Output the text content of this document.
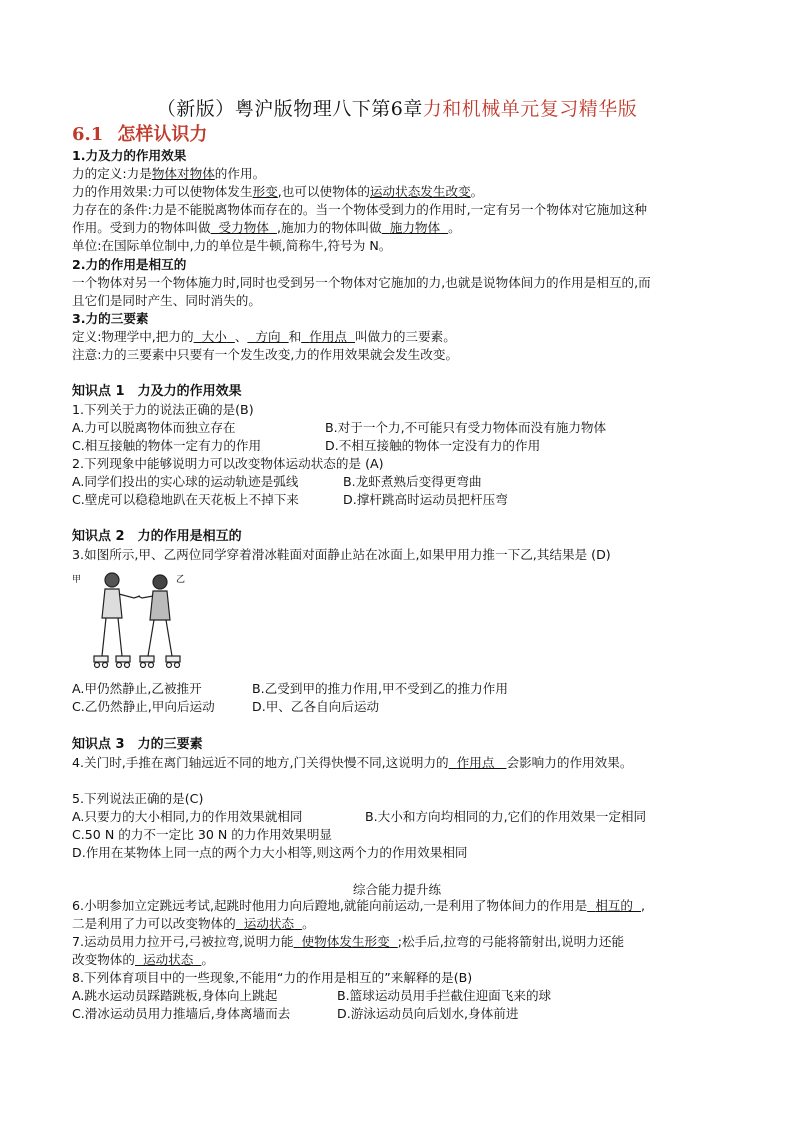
（新版）粤沪版物理八下第6章力和机械单元复习精华版
6.1 怎样认识力
1.力及力的作用效果
力的定义:力是物体对物体的作用。
力的作用效果:力可以使物体发生形变,也可以使物体的运动状态发生改变。
力存在的条件:力是不能脱离物体而存在的。当一个物体受到力的作用时,一定有另一个物体对它施加这种
作用。受到力的物体叫做 受力物体 ,施加力的物体叫做 施力物体 。
单位:在国际单位制中,力的单位是牛顿,简称牛,符号为 N。
2.力的作用是相互的
一个物体对另一个物体施力时,同时也受到另一个物体对它施加的力,也就是说物体间力的作用是相互的,而
且它们是同时产生、同时消失的。
3.力的三要素
定义:物理学中,把力的 大小 、 方向 和 作用点 叫做力的三要素。
注意:力的三要素中只要有一个发生改变,力的作用效果就会发生改变。
知识点 1　力及力的作用效果
1.下列关于力的说法正确的是(B)
A.力可以脱离物体而独立存在	B.对于一个力,不可能只有受力物体而没有施力物体
C.相互接触的物体一定有力的作用	D.不相互接触的物体一定没有力的作用
2.下列现象中能够说明力可以改变物体运动状态的是 (A)
A.同学们投出的实心球的运动轨迹是弧线	B.龙虾煮熟后变得更弯曲
C.壁虎可以稳稳地趴在天花板上不掉下来	D.撑杆跳高时运动员把杆压弯
知识点 2　力的作用是相互的
3.如图所示,甲、乙两位同学穿着滑冰鞋面对面静止站在冰面上,如果甲用力推一下乙,其结果是 (D)
甲	乙
A.甲仍然静止,乙被推开	B.乙受到甲的推力作用,甲不受到乙的推力作用
C.乙仍然静止,甲向后运动	D.甲、乙各自向后运动
知识点 3　力的三要素
4.关门时,手推在离门轴远近不同的地方,门关得快慢不同,这说明力的 作用点 会影响力的作用效果。
5.下列说法正确的是(C)
A.只要力的大小相同,力的作用效果就相同	B.大小和方向均相同的力,它们的作用效果一定相同
C.50 N 的力不一定比 30 N 的力作用效果明显
D.作用在某物体上同一点的两个力大小相等,则这两个力的作用效果相同
综合能力提升练
6.小明参加立定跳远考试,起跳时他用力向后蹬地,就能向前运动,一是利用了物体间力的作用是 相互的 ,
二是利用了力可以改变物体的 运动状态 。
7.运动员用力拉开弓,弓被拉弯,说明力能 使物体发生形变 ;松手后,拉弯的弓能将箭射出,说明力还能
改变物体的 运动状态 。
8.下列体育项目中的一些现象,不能用“力的作用是相互的”来解释的是(B)
A.跳水运动员踩踏跳板,身体向上跳起	B.篮球运动员用手拦截住迎面飞来的球
C.滑冰运动员用力推墙后,身体离墙而去	D.游泳运动员向后划水,身体前进
